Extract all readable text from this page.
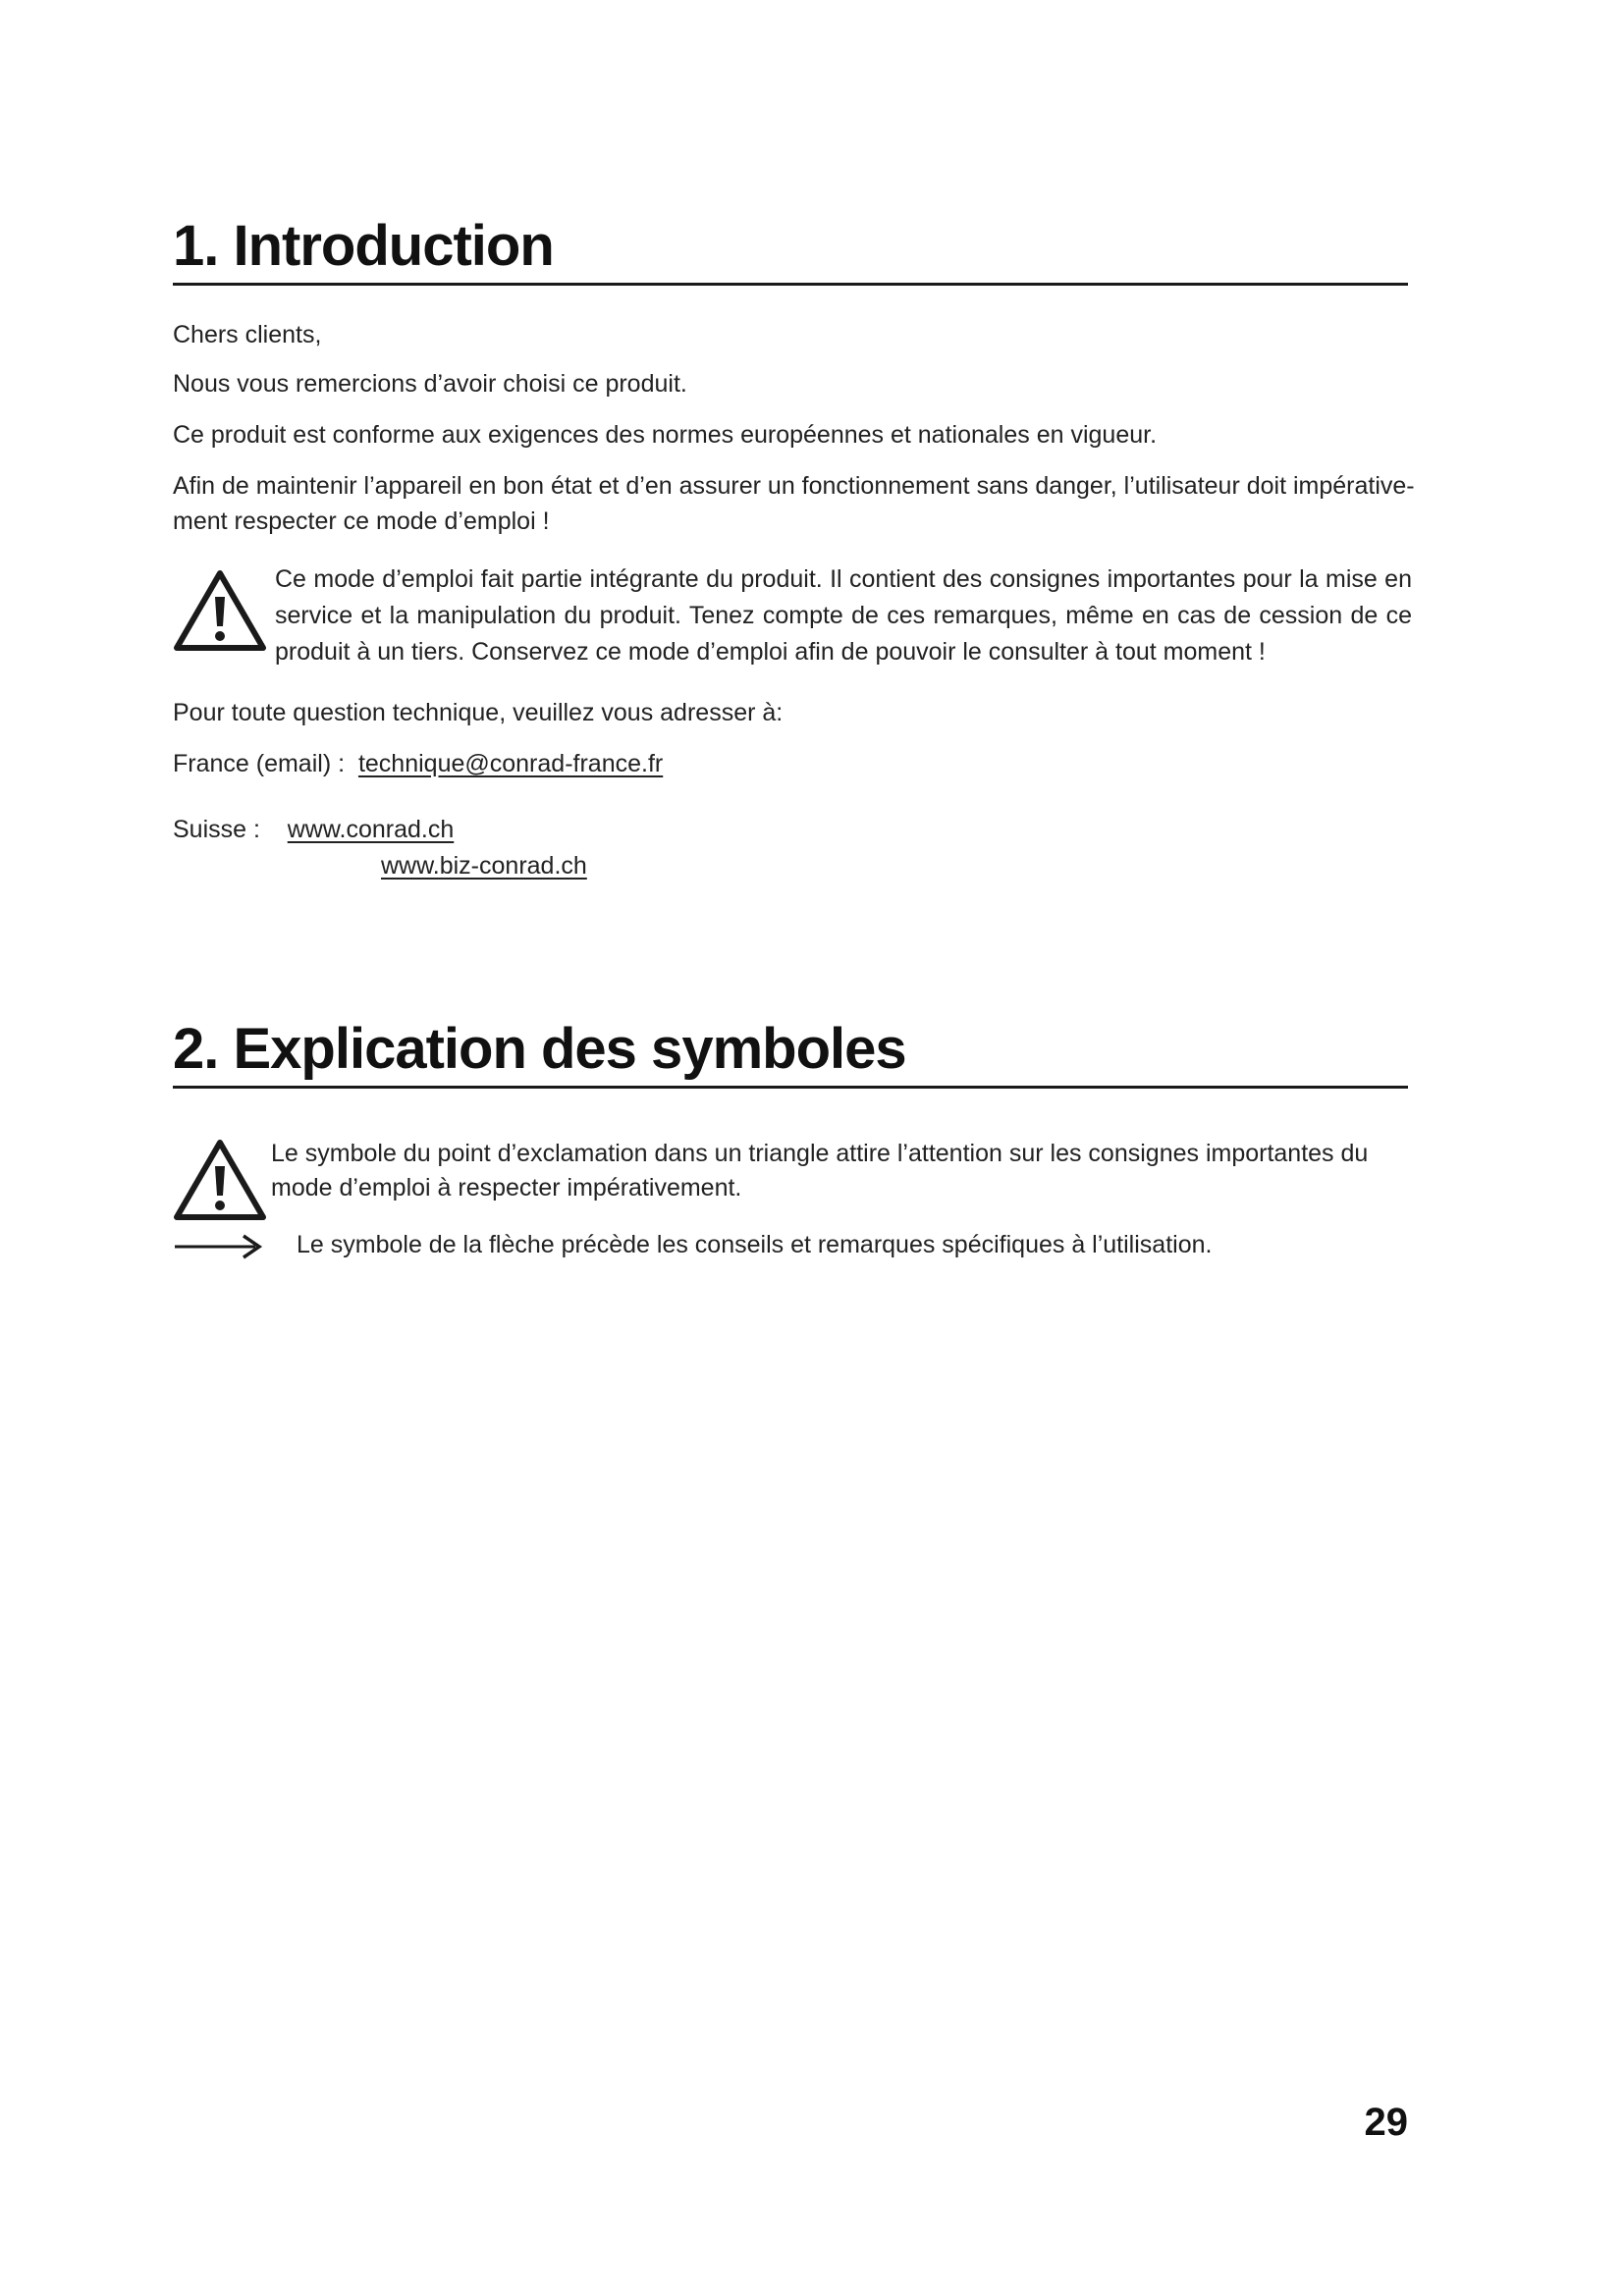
1. Introduction
Chers clients,
Nous vous remercions d’avoir choisi ce produit.
Ce produit est conforme aux exigences des normes européennes et nationales en vigueur.
Afin de maintenir l’appareil en bon état et d’en assurer un fonctionnement sans danger, l’utilisateur doit impérative-ment respecter ce mode d’emploi !
Ce mode d’emploi fait partie intégrante du produit. Il contient des consignes importantes pour la mise en service et la manipulation du produit. Tenez compte de ces remarques, même en cas de cession de ce produit à un tiers. Conservez ce mode d’emploi afin de pouvoir le consulter à tout moment !
Pour toute question technique, veuillez vous adresser à:
France (email) : technique@conrad-france.fr
Suisse : www.conrad.ch
www.biz-conrad.ch
2. Explication des symboles
Le symbole du point d’exclamation dans un triangle attire l’attention sur les consignes importantes du mode d’emploi à respecter impérativement.
Le symbole de la flèche précède les conseils et remarques spécifiques à l’utilisation.
29
